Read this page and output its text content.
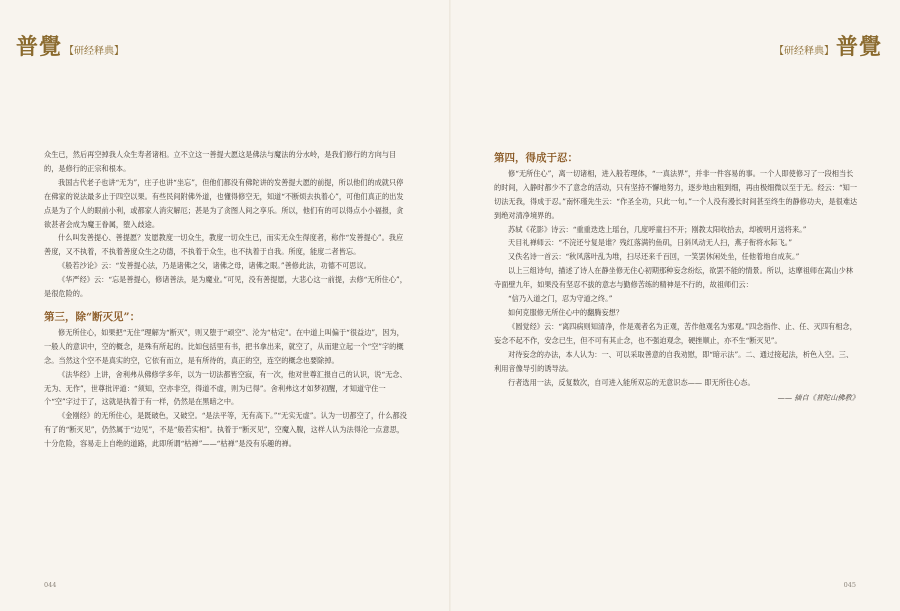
普覺 【研经释典】

众生已，然后再空掉我人众生寿者诸相。立不立这一善提大愿这是佛法与魔法的分水岭，是我们修行的方向与目的，是修行的正宗和根本。

我国古代老子也讲“无为”，庄子也讲“坐忘”，但他们都没有佛陀讲的发善提大愿的前提，所以他们的成就只停在佛家的说法最多止于四空以果。有些民间附佛外道，也懂得修空无，知道“不断烦去执着心”，可他们真正的出发点是为了个人的眼前小利，或都家人消灾解厄；甚是为了贪图人间之享乐。所以，他们有的可以得点小小福报，贪欲甚者会成为魔王眷属，堕入歧途。

什么叫发善提心、善提愿？发愿教度一切众生，教度一切众生已，而实无众生得度者，称作“发善提心”。我应善度，又不执着，不执着善度众生之功德，不执着于众生，也不执着于自我。所度，能度二者皆忘。

《般若沙论》云：“发善提心法，乃是诸佛之父，诸佛之母，诸佛之眼。”善修此法，功德不可思议。

《华严经》云：“忘是善提心，修诸善法，是为魔业。”可见，没有善提愿，大悲心这一前提，去修“无所住心”，是很危险的。

第三，除“断灭见”：

修无所住心，如果把“无住”理解为“断灭”，则又堕于“顽空”、沦为“枯定”。在中道上叫偏于“很益边”，因为，一般人的意识中，空的概念，是殊有所起的。比如包括里有书，把书拿出来，就空了，从而建立起一个“空”字的概念。当然这个空不是真实的空，它依有而立，是有所待的，真正的空，连空的概念也要除掉。

《法华经》上讲，舍利弗从佛修学多年，以为一切法都皆空寂，有一次，他对世尊汇报自己的认识，说“无念、无为、无作”，世尊批评道：“须知，空亦非空，得道不虚，则为已得”。舍利弗这才如梦初醒，才知道守住一个“空”字过于了，这就是执着于有一样，仍然是在黑暗之中。

《金刚经》的无所住心，是既破色，又破空。“是法平等，无有高下。”“无实无虚”。认为一切都空了，什么都没有了的“断灭见”，仍然属于“边见”，不是“般若实相”。执着于“断灭见”，空魔入腹，这样人认为法得沦一点意思，十分危险，容易走上自绝的道路，此即所谓“枯禅”——“枯禅”是没有乐趣的禅。

044
【研经释典】 普覺
第四，得成于忍：

修“无所住心”，离一切诸相，进入般若理体，“一真法界”，并非一件容易的事。一个人即使修习了一段相当长的时间，入静时都少不了意念的活动，只有坚持不懈地努力，逐步地由粗到细，再由极细微以至于无。经云：“知一切法无我，得成于忍。”南怀瑾先生云：“作圣全功，只此一句。”一个人没有漫长时间甚至终生的静修功夫，是很难达到绝对清净境界的。

苏轼《花影》诗云：“重重迭迭上瑶台，几度呼童扫不开；刚教太阳收拾去，却被明月送将来。”

天目礼禅师云：“不浣还兮复是谁？残红落满钓鱼矶，日斜风动无人扫，燕子衔将水际飞。”

又佚名诗一首云：“秋风落叶乱为堆，扫尽还来千百回，一笑罢休闲处坐，任他着地自成灰。”

以上三组诗句，描述了诗人在静坐修无住心初期那种妄念纷纭，欲罢不能的情景。所以，达摩祖师在嵩山少林寺面壁九年，如果没有坚忍不拔的意志与勤修苦练的精神是不行的，故祖师们云：

“信乃入道之门，忍为守道之终。”

如何克服修无所住心中的翻腾妄想？

《圆觉经》云：“离四病则知清净，作是观者名为正观，苦作他观名为邪观。”四念指作、止、任、灭四有相念，妄念不起不作，安念已生，但不可有其止念，也不强迫观念，硬挫顺止，亦不生“断灭见”。

对待妄念的办法，本人认为：一、可以采取善意的自我劝慰，即“暗示法”。二、通过接起法，析色入空。三、利用音像导引的诱导法。

行者选用一法，反复数次，自可进入能所双忘的无意识态—— 即无所住心态。

—— 摘自《普陀山佛教》
045
